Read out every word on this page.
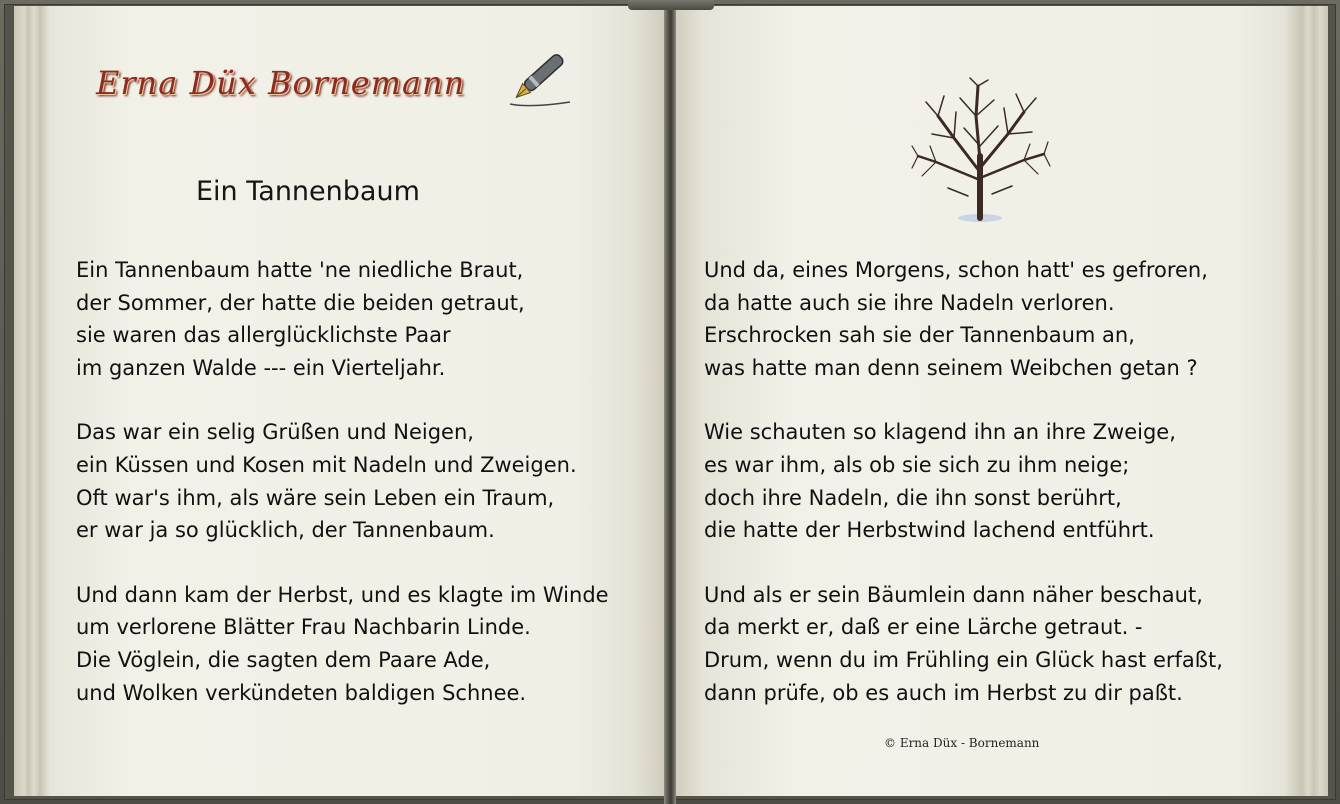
Erna Düx Bornemann
Ein Tannenbaum
Ein Tannenbaum hatte 'ne niedliche Braut,
der Sommer, der hatte die beiden getraut,
sie waren das allerglücklichste Paar
im ganzen Walde --- ein Vierteljahr.
Das war ein selig Grüßen und Neigen,
ein Küssen und Kosen mit Nadeln und Zweigen.
Oft war's ihm, als wäre sein Leben ein Traum,
er war ja so glücklich, der Tannenbaum.
Und dann kam der Herbst, und es klagte im Winde
um verlorene Blätter Frau Nachbarin Linde.
Die Vöglein, die sagten dem Paare Ade,
und Wolken verkündeten baldigen Schnee.
Und da, eines Morgens, schon hatt' es gefroren,
da hatte auch sie ihre Nadeln verloren.
Erschrocken sah sie der Tannenbaum an,
was hatte man denn seinem Weibchen getan ?
Wie schauten so klagend ihn an ihre Zweige,
es war ihm, als ob sie sich zu ihm neige;
doch ihre Nadeln, die ihn sonst berührt,
die hatte der Herbstwind lachend entführt.
Und als er sein Bäumlein dann näher beschaut,
da merkt er, daß er eine Lärche getraut. -
Drum, wenn du im Frühling ein Glück hast erfaßt,
dann prüfe, ob es auch im Herbst zu dir paßt.
© Erna Düx - Bornemann
